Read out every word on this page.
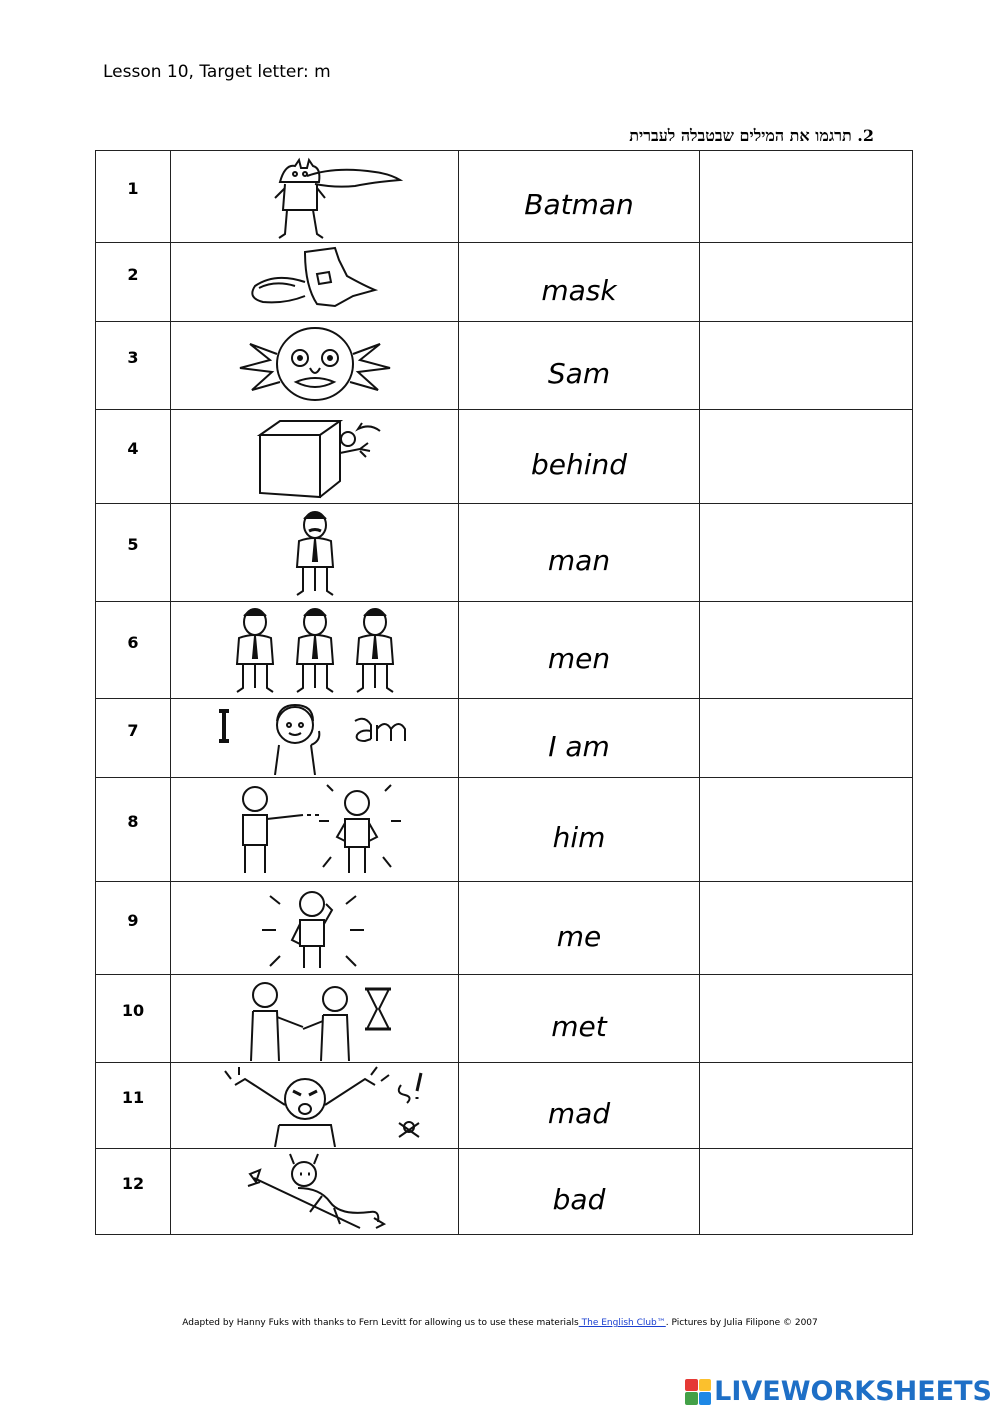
Lesson 10, Target letter: m
2. תרגמו את המילים שבטבלה לעברית
1		Batman	
2		mask	
3		Sam	
4		behind	
5		man	
6		men	
7		I am	
8		him	
9		me	
10		met	
11		mad	
12		bad	
Adapted by Hanny Fuks with thanks to Fern Levitt for allowing us to use these materials The English Club™. Pictures by Julia Filipone © 2007
LIVEWORKSHEETS
